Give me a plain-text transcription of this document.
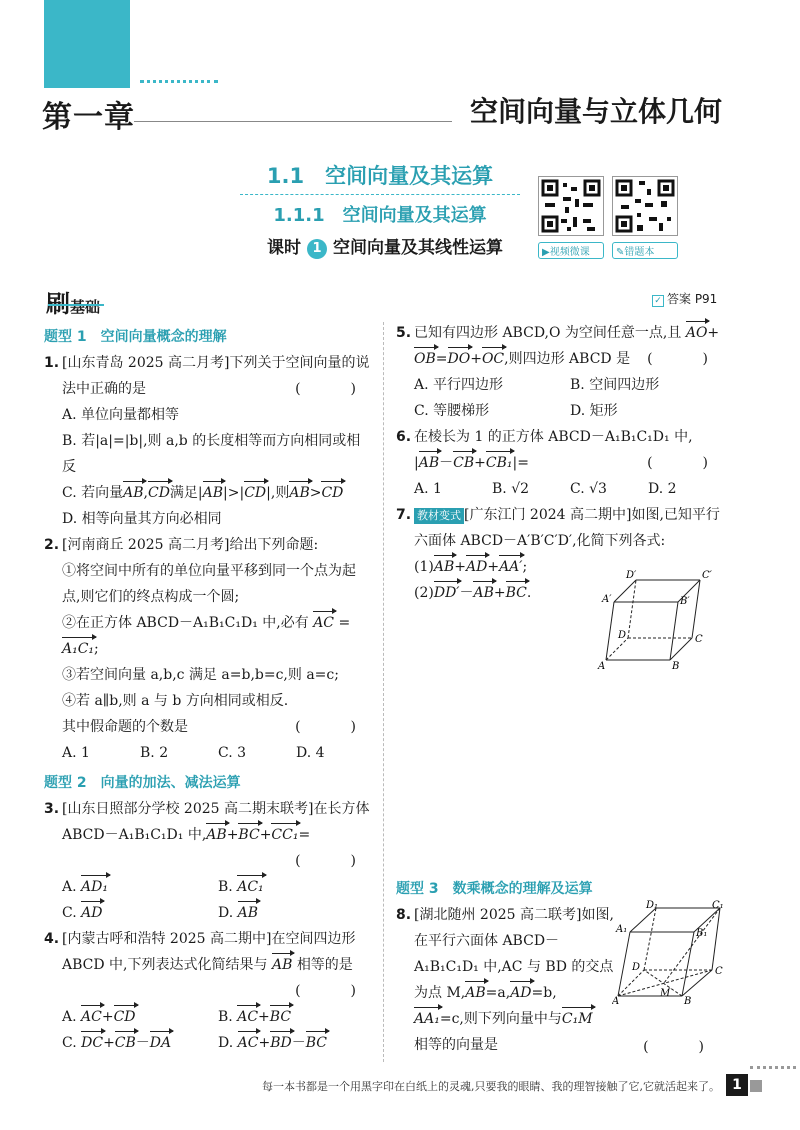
第一章	空间向量与立体几何
1.1　空间向量及其运算
1.1.1　空间向量及其运算
课时 1 空间向量及其线性运算	▶视频微课	✎错题本
刷基础	✓ 答案 P91
题型 1　空间向量概念的理解
1. [山东青岛 2025 高二月考]下列关于空间向量的说法中正确的是	(　)
A. 单位向量都相等
B. 若|a|=|b|,则 a,b 的长度相等而方向相同或相反
C. 若向量AB,CD满足|AB|>|CD|,则AB>CD
D. 相等向量其方向必相同
2. [河南商丘 2025 高二月考]给出下列命题:
①将空间中所有的单位向量平移到同一个点为起点,则它们的终点构成一个圆;
②在正方体 ABCD－A₁B₁C₁D₁ 中,必有 AC = A₁C₁;
③若空间向量 a,b,c 满足 a=b,b=c,则 a=c;
④若 a∥b,则 a 与 b 方向相同或相反.
其中假命题的个数是	(　)
A. 1	B. 2	C. 3	D. 4
题型 2　向量的加法、减法运算
3. [山东日照部分学校 2025 高二期末联考]在长方体 ABCD－A₁B₁C₁D₁ 中,AB+BC+CC₁=
(　)
A. AD₁	B. AC₁
C. AD	D. AB
4. [内蒙古呼和浩特 2025 高二期中]在空间四边形 ABCD 中,下列表达式化简结果与 AB 相等的是
(　)
A. AC+CD	B. AC+BC
C. DC+CB－DA	D. AC+BD－BC
5. 已知有四边形 ABCD,O 为空间任意一点,且 AO+OB=DO+OC,则四边形 ABCD 是 (　)
A. 平行四边形	B. 空间四边形
C. 等腰梯形	D. 矩形
6. 在棱长为 1 的正方体 ABCD－A₁B₁C₁D₁ 中,
|AB－CB+CB₁|=	(　)
A. 1	B. √2	C. √3	D. 2
7. 教材变式 [广东江门 2024 高二期中]如图,已知平行六面体 ABCD－A′B′C′D′,化简下列各式:
(1)AB+AD+AA′;
(2)DD′－AB+BC.
A	B
C
D
A′	B′
C′
D′
题型 3　数乘概念的理解及运算
8. [湖北随州 2025 高二联考]如图,在平行六面体 ABCD－A₁B₁C₁D₁ 中,AC 与 BD 的交点为点 M,AB=a,AD=b,
AA₁=c,则下列向量中与C₁M
相等的向量是	(　)
A	B
C
D
M
A₁	B₁
C₁
D₁
每一本书都是一个用黑字印在白纸上的灵魂,只要我的眼睛、我的理智接触了它,它就活起来了。 1
